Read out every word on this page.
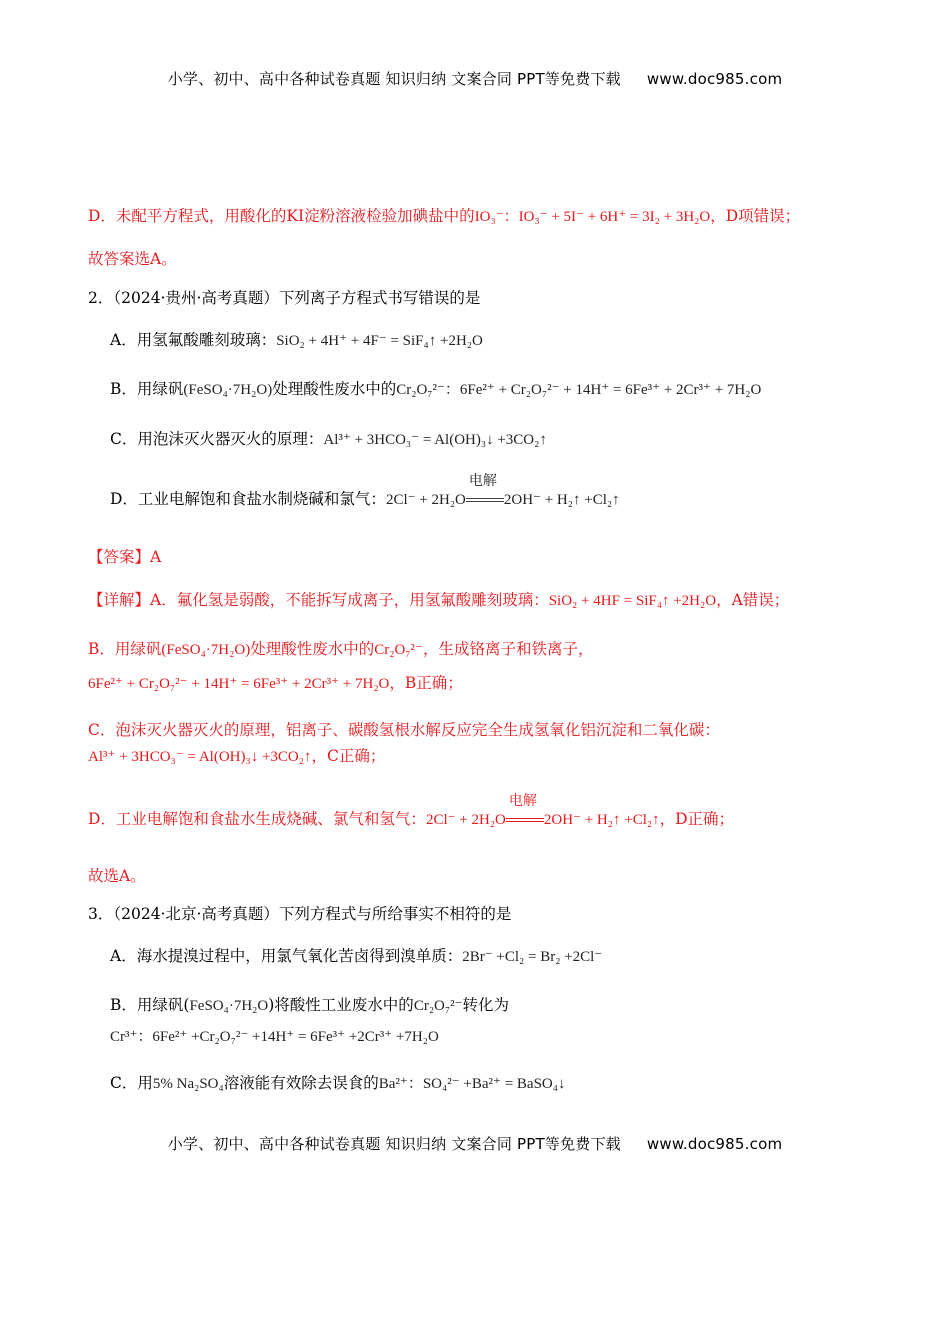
小学、初中、高中各种试卷真题 知识归纳 文案合同 PPT等免费下载 www.doc985.com
D．未配平方程式，用酸化的KI淀粉溶液检验加碘盐中的IO₃⁻：IO₃⁻ + 5I⁻ + 6H⁺ = 3I₂ + 3H₂O，D项错误；
故答案选A。
2．（2024·贵州·高考真题）下列离子方程式书写错误的是
A．用氢氟酸雕刻玻璃：SiO₂ + 4H⁺ + 4F⁻ = SiF₄↑ +2H₂O
B．用绿矾(FeSO₄·7H₂O)处理酸性废水中的Cr₂O₇²⁻：6Fe²⁺ + Cr₂O₇²⁻ + 14H⁺ = 6Fe³⁺ + 2Cr³⁺ + 7H₂O
C．用泡沫灭火器灭火的原理：Al³⁺ + 3HCO₃⁻ = Al(OH)₃↓ +3CO₂↑
D．工业电解饱和食盐水制烧碱和氯气：2Cl⁻ + 2H₂O
电解
2OH⁻ + H₂↑ +Cl₂↑
【答案】A
【详解】A．氟化氢是弱酸，不能拆写成离子，用氢氟酸雕刻玻璃：SiO₂ + 4HF = SiF₄↑ +2H₂O，A错误；
B．用绿矾(FeSO₄·7H₂O)处理酸性废水中的Cr₂O₇²⁻，生成铬离子和铁离子，
6Fe²⁺ + Cr₂O₇²⁻ + 14H⁺ = 6Fe³⁺ + 2Cr³⁺ + 7H₂O，B正确；
C．泡沫灭火器灭火的原理，铝离子、碳酸氢根水解反应完全生成氢氧化铝沉淀和二氧化碳：
Al³⁺ + 3HCO₃⁻ = Al(OH)₃↓ +3CO₂↑，C正确；
D．工业电解饱和食盐水生成烧碱、氯气和氢气：2Cl⁻ + 2H₂O
电解
2OH⁻ + H₂↑ +Cl₂↑，D正确；
故选A。
3．（2024·北京·高考真题）下列方程式与所给事实不相符的是
A．海水提溴过程中，用氯气氧化苦卤得到溴单质：2Br⁻ +Cl₂ = Br₂ +2Cl⁻
B．用绿矾(FeSO₄·7H₂O)将酸性工业废水中的Cr₂O₇²⁻转化为
Cr³⁺：6Fe²⁺ +Cr₂O₇²⁻ +14H⁺ = 6Fe³⁺ +2Cr³⁺ +7H₂O
C．用5% Na₂SO₄溶液能有效除去误食的Ba²⁺：SO₄²⁻ +Ba²⁺ = BaSO₄↓
小学、初中、高中各种试卷真题 知识归纳 文案合同 PPT等免费下载 www.doc985.com
